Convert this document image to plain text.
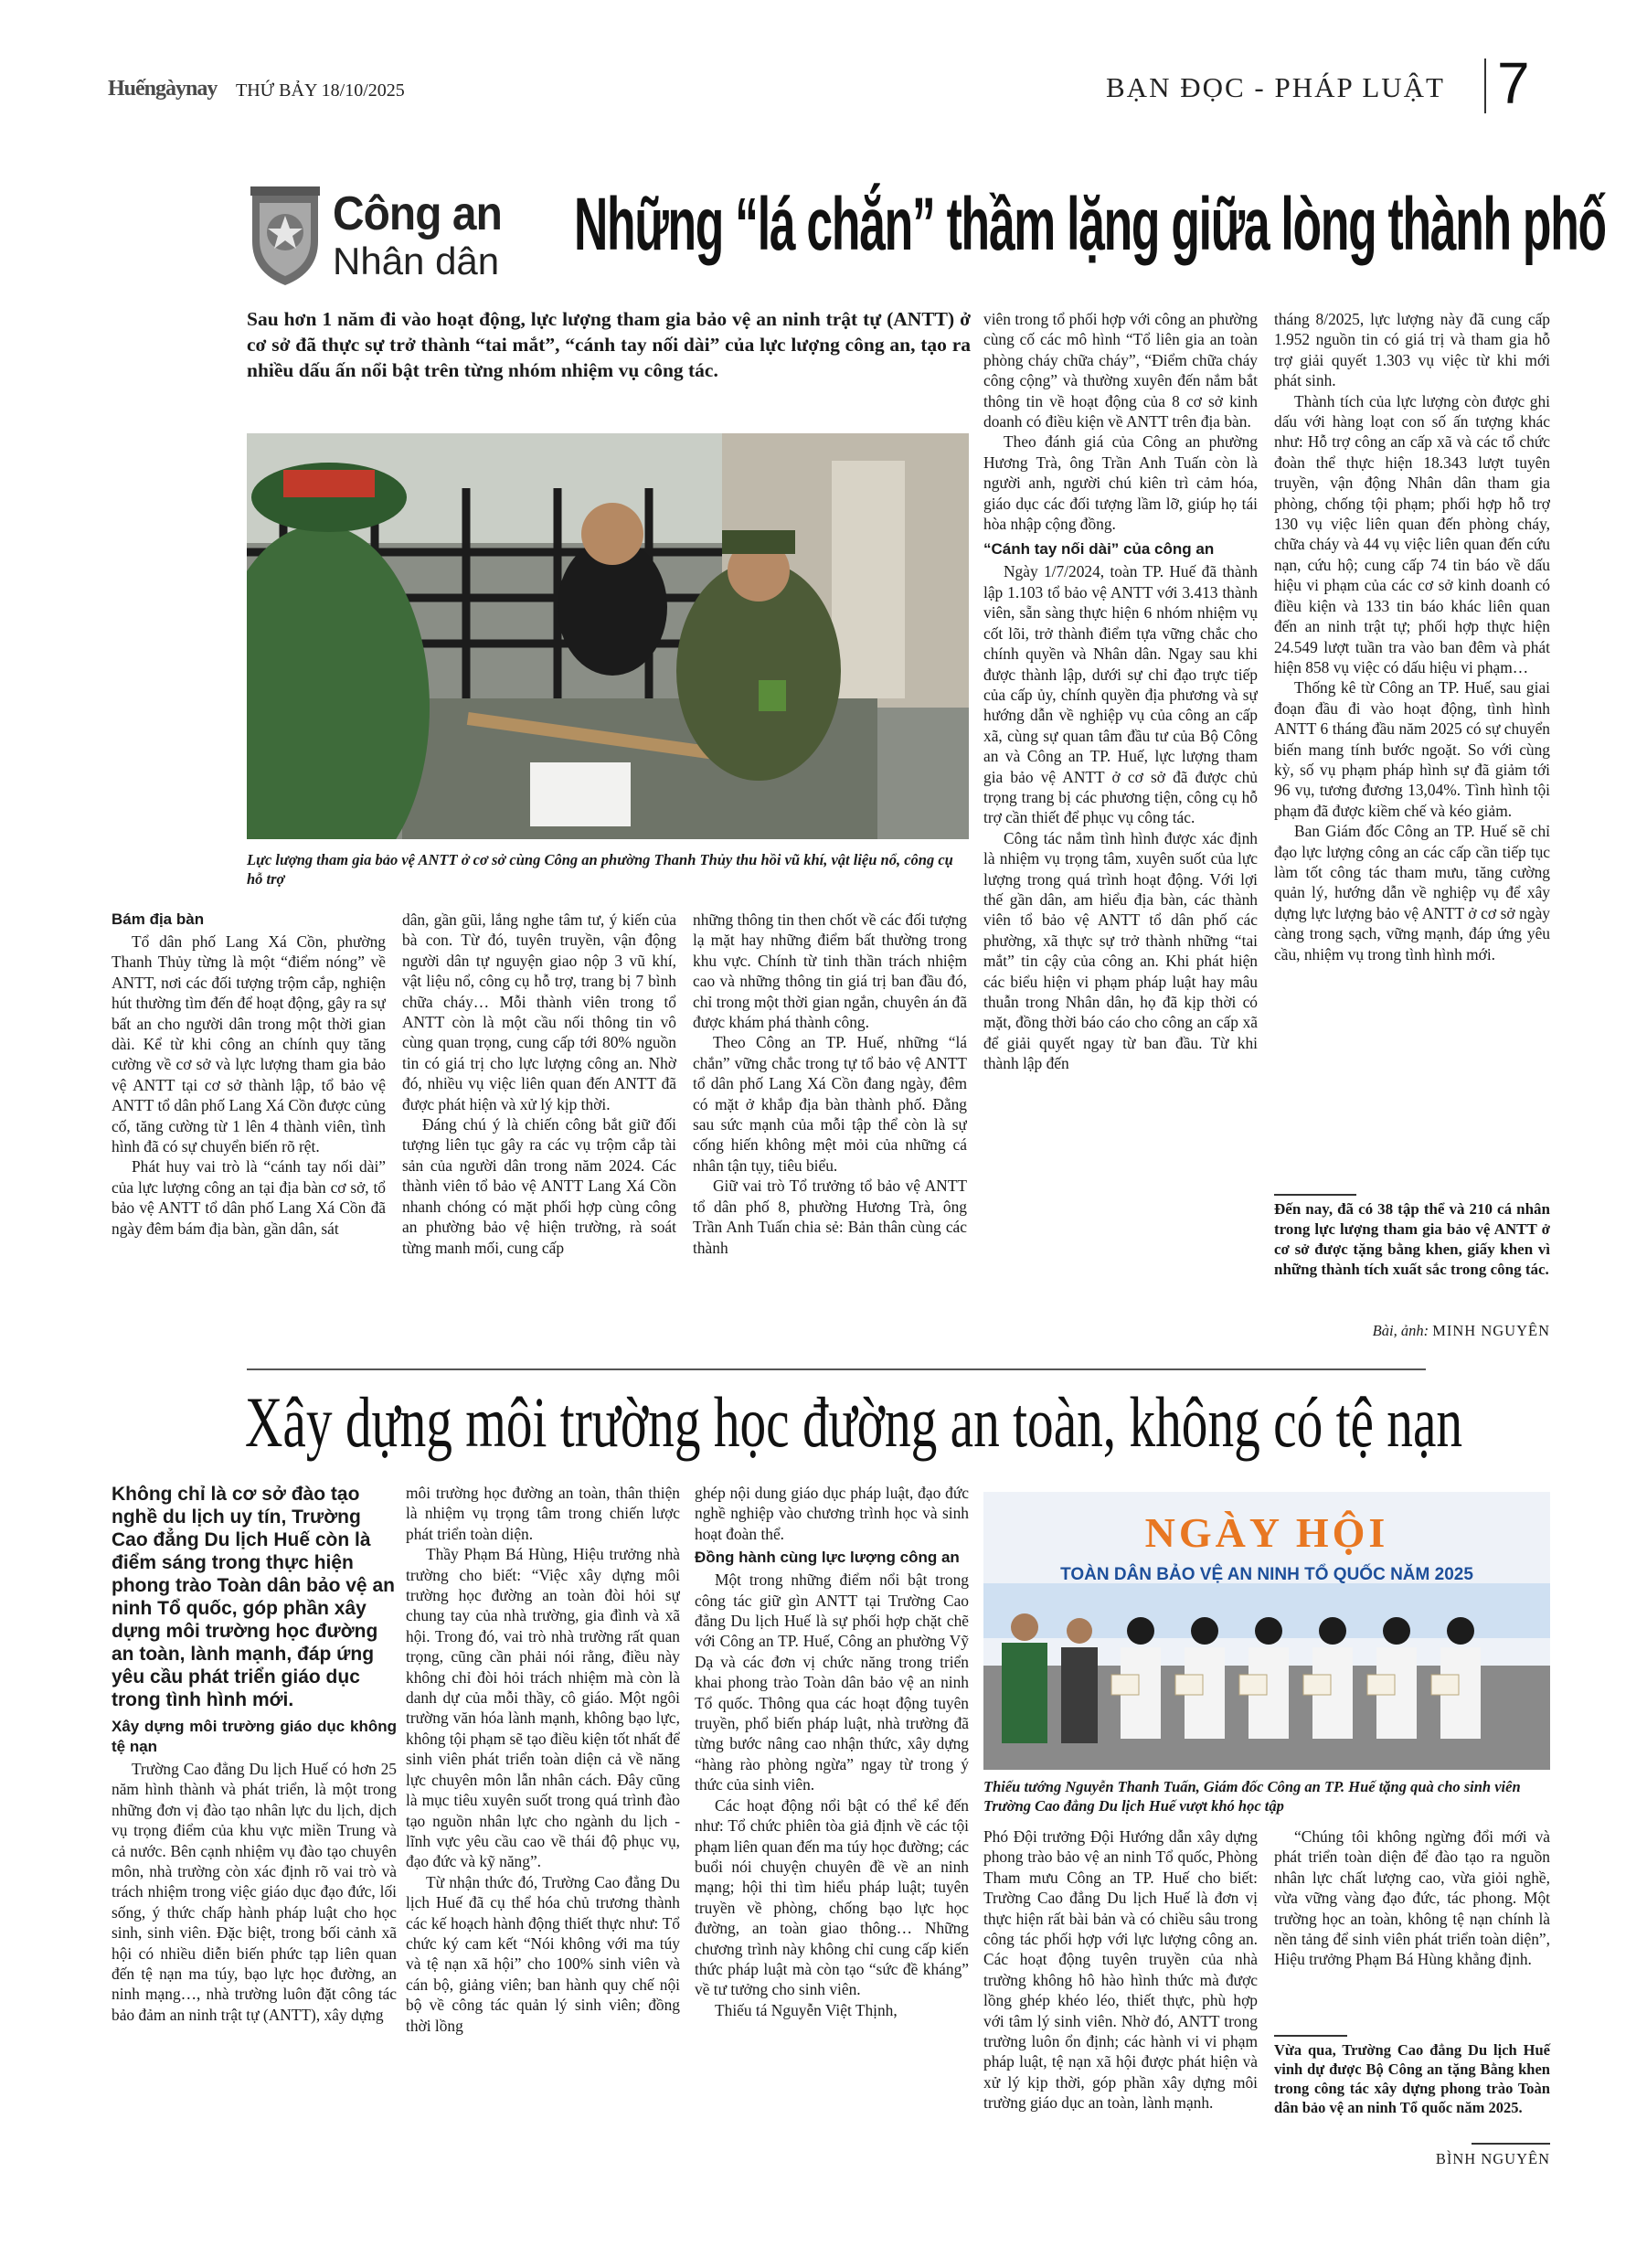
Huếngàynay THỨ BẢY 18/10/2025	BẠN ĐỌC - PHÁP LUẬT 7
Công an
Nhân dân Những “lá chắn” thầm lặng giữa lòng thành phố
Sau hơn 1 năm đi vào hoạt động, lực lượng tham gia bảo vệ an ninh trật tự (ANTT) ở cơ sở đã thực sự trở thành “tai mắt”, “cánh tay nối dài” của lực lượng công an, tạo ra nhiều dấu ấn nổi bật trên từng nhóm nhiệm vụ công tác.
Lực lượng tham gia bảo vệ ANTT ở cơ sở cùng Công an phường Thanh Thủy thu hồi vũ khí, vật liệu nổ, công cụ hỗ trợ
Bám địa bàn

Tổ dân phố Lang Xá Cồn, phường Thanh Thủy từng là một “điểm nóng” về ANTT, nơi các đối tượng trộm cắp, nghiện hút thường tìm đến để hoạt động, gây ra sự bất an cho người dân trong một thời gian dài. Kể từ khi công an chính quy tăng cường về cơ sở và lực lượng tham gia bảo vệ ANTT tại cơ sở thành lập, tổ bảo vệ ANTT tổ dân phố Lang Xá Cồn được củng cố, tăng cường từ 1 lên 4 thành viên, tình hình đã có sự chuyển biến rõ rệt.

Phát huy vai trò là “cánh tay nối dài” của lực lượng công an tại địa bàn cơ sở, tổ bảo vệ ANTT tổ dân phố Lang Xá Cồn đã ngày đêm bám địa bàn, gần dân, sát

dân, gần gũi, lắng nghe tâm tư, ý kiến của bà con. Từ đó, tuyên truyền, vận động người dân tự nguyện giao nộp 3 vũ khí, vật liệu nổ, công cụ hỗ trợ, trang bị 7 bình chữa cháy… Mỗi thành viên trong tổ ANTT còn là một cầu nối thông tin vô cùng quan trọng, cung cấp tới 80% nguồn tin có giá trị cho lực lượng công an. Nhờ đó, nhiều vụ việc liên quan đến ANTT đã được phát hiện và xử lý kịp thời.

Đáng chú ý là chiến công bắt giữ đối tượng liên tục gây ra các vụ trộm cắp tài sản của người dân trong năm 2024. Các thành viên tổ bảo vệ ANTT Lang Xá Cồn nhanh chóng có mặt phối hợp cùng công an phường bảo vệ hiện trường, rà soát từng manh mối, cung cấp

những thông tin then chốt về các đối tượng lạ mặt hay những điểm bất thường trong khu vực. Chính từ tinh thần trách nhiệm cao và những thông tin giá trị ban đầu đó, chỉ trong một thời gian ngắn, chuyên án đã được khám phá thành công.

Theo Công an TP. Huế, những “lá chắn” vững chắc trong tự tổ bảo vệ ANTT tổ dân phố Lang Xá Cồn đang ngày, đêm có mặt ở khắp địa bàn thành phố. Đằng sau sức mạnh của mỗi tập thể còn là sự cống hiến không mệt mỏi của những cá nhân tận tụy, tiêu biểu.

Giữ vai trò Tổ trưởng tổ bảo vệ ANTT tổ dân phố 8, phường Hương Trà, ông Trần Anh Tuấn chia sẻ: Bản thân cùng các thành

viên trong tổ phối hợp với công an phường cùng cố các mô hình “Tổ liên gia an toàn phòng cháy chữa cháy”, “Điểm chữa cháy công cộng” và thường xuyên đến nắm bắt thông tin về hoạt động của 8 cơ sở kinh doanh có điều kiện về ANTT trên địa bàn.

Theo đánh giá của Công an phường Hương Trà, ông Trần Anh Tuấn còn là người anh, người chú kiên trì cảm hóa, giáo dục các đối tượng lầm lỡ, giúp họ tái hòa nhập cộng đồng.

“Cánh tay nối dài” của công an

Ngày 1/7/2024, toàn TP. Huế đã thành lập 1.103 tổ bảo vệ ANTT với 3.413 thành viên, sẵn sàng thực hiện 6 nhóm nhiệm vụ cốt lõi, trở thành điểm tựa vững chắc cho chính quyền và Nhân dân. Ngay sau khi được thành lập, dưới sự chỉ đạo trực tiếp của cấp ủy, chính quyền địa phương và sự hướng dẫn về nghiệp vụ của công an cấp xã, cùng sự quan tâm đầu tư của Bộ Công an và Công an TP. Huế, lực lượng tham gia bảo vệ ANTT ở cơ sở đã được chủ trọng trang bị các phương tiện, công cụ hỗ trợ cần thiết để phục vụ công tác.

Công tác nắm tình hình được xác định là nhiệm vụ trọng tâm, xuyên suốt của lực lượng trong quá trình hoạt động. Với lợi thế gần dân, am hiểu địa bàn, các thành viên tổ bảo vệ ANTT tổ dân phố các phường, xã thực sự trở thành những “tai mắt” tin cậy của công an. Khi phát hiện các biểu hiện vi phạm pháp luật hay mâu thuẫn trong Nhân dân, họ đã kịp thời có mặt, đồng thời báo cáo cho công an cấp xã để giải quyết ngay từ ban đầu. Từ khi thành lập đến

tháng 8/2025, lực lượng này đã cung cấp 1.952 nguồn tin có giá trị và tham gia hỗ trợ giải quyết 1.303 vụ việc từ khi mới phát sinh.

Thành tích của lực lượng còn được ghi dấu với hàng loạt con số ấn tượng khác như: Hỗ trợ công an cấp xã và các tổ chức đoàn thể thực hiện 18.343 lượt tuyên truyền, vận động Nhân dân tham gia phòng, chống tội phạm; phối hợp hỗ trợ 130 vụ việc liên quan đến phòng cháy, chữa cháy và 44 vụ việc liên quan đến cứu nạn, cứu hộ; cung cấp 74 tin báo về dấu hiệu vi phạm của các cơ sở kinh doanh có điều kiện và 133 tin báo khác liên quan đến an ninh trật tự; phối hợp thực hiện 24.549 lượt tuần tra vào ban đêm và phát hiện 858 vụ việc có dấu hiệu vi phạm…

Thống kê từ Công an TP. Huế, sau giai đoạn đầu đi vào hoạt động, tình hình ANTT 6 tháng đầu năm 2025 có sự chuyển biến mang tính bước ngoặt. So với cùng kỳ, số vụ phạm pháp hình sự đã giảm tới 96 vụ, tương đương 13,04%. Tình hình tội phạm đã được kiềm chế và kéo giảm.

Ban Giám đốc Công an TP. Huế sẽ chỉ đạo lực lượng công an các cấp cần tiếp tục làm tốt công tác tham mưu, tăng cường quản lý, hướng dẫn về nghiệp vụ để xây dựng lực lượng bảo vệ ANTT ở cơ sở ngày càng trong sạch, vững mạnh, đáp ứng yêu cầu, nhiệm vụ trong tình hình mới.

Đến nay, đã có 38 tập thể và 210 cá nhân trong lực lượng tham gia bảo vệ ANTT ở cơ sở được tặng bằng khen, giấy khen vì những thành tích xuất sắc trong công tác.
Bài, ảnh: MINH NGUYÊN
Xây dựng môi trường học đường an toàn, không có tệ nạn
Không chỉ là cơ sở đào tạo nghề du lịch uy tín, Trường Cao đẳng Du lịch Huế còn là điểm sáng trong thực hiện phong trào Toàn dân bảo vệ an ninh Tổ quốc, góp phần xây dựng môi trường học đường an toàn, lành mạnh, đáp ứng yêu cầu phát triển giáo dục trong tình hình mới.
Xây dựng môi trường giáo dục không tệ nạn

Trường Cao đẳng Du lịch Huế có hơn 25 năm hình thành và phát triển, là một trong những đơn vị đào tạo nhân lực du lịch, dịch vụ trọng điểm của khu vực miền Trung và cả nước. Bên cạnh nhiệm vụ đào tạo chuyên môn, nhà trường còn xác định rõ vai trò và trách nhiệm trong việc giáo dục đạo đức, lối sống, ý thức chấp hành pháp luật cho học sinh, sinh viên. Đặc biệt, trong bối cảnh xã hội có nhiều diễn biến phức tạp liên quan đến tệ nạn ma túy, bạo lực học đường, an ninh mạng…, nhà trường luôn đặt công tác bảo đảm an ninh trật tự (ANTT), xây dựng

môi trường học đường an toàn, thân thiện là nhiệm vụ trọng tâm trong chiến lược phát triển toàn diện.

Thầy Phạm Bá Hùng, Hiệu trưởng nhà trường cho biết: “Việc xây dựng môi trường học đường an toàn đòi hỏi sự chung tay của nhà trường, gia đình và xã hội. Trong đó, vai trò nhà trường rất quan trọng, cũng cần phải nói rằng, điều này không chỉ đòi hỏi trách nhiệm mà còn là danh dự của mỗi thầy, cô giáo. Một ngôi trường văn hóa lành mạnh, không bạo lực, không tội phạm sẽ tạo điều kiện tốt nhất để sinh viên phát triển toàn diện cả về năng lực chuyên môn lẫn nhân cách. Đây cũng là mục tiêu xuyên suốt trong quá trình đào tạo nguồn nhân lực cho ngành du lịch - lĩnh vực yêu cầu cao về thái độ phục vụ, đạo đức và kỹ năng”.

Từ nhận thức đó, Trường Cao đẳng Du lịch Huế đã cụ thể hóa chủ trương thành các kế hoạch hành động thiết thực như: Tổ chức ký cam kết “Nói không với ma túy và tệ nạn xã hội” cho 100% sinh viên và cán bộ, giảng viên; ban hành quy chế nội bộ về công tác quản lý sinh viên; đồng thời lồng

ghép nội dung giáo dục pháp luật, đạo đức nghề nghiệp vào chương trình học và sinh hoạt đoàn thể.

Đồng hành cùng lực lượng công an

Một trong những điểm nổi bật trong công tác giữ gìn ANTT tại Trường Cao đẳng Du lịch Huế là sự phối hợp chặt chẽ với Công an TP. Huế, Công an phường Vỹ Dạ và các đơn vị chức năng trong triển khai phong trào Toàn dân bảo vệ an ninh Tổ quốc. Thông qua các hoạt động tuyên truyền, phổ biến pháp luật, nhà trường đã từng bước nâng cao nhận thức, xây dựng “hàng rào phòng ngừa” ngay từ trong ý thức của sinh viên.

Các hoạt động nổi bật có thể kể đến như: Tổ chức phiên tòa giả định về các tội phạm liên quan đến ma túy học đường; các buổi nói chuyện chuyên đề về an ninh mạng; hội thi tìm hiểu pháp luật; tuyên truyền về phòng, chống bạo lực học đường, an toàn giao thông… Những chương trình này không chỉ cung cấp kiến thức pháp luật mà còn tạo “sức đề kháng” về tư tưởng cho sinh viên.

Thiếu tá Nguyễn Việt Thịnh,

NGÀY HỘI
TOÀN DÂN BẢO VỆ AN NINH TỔ QUỐC NĂM 2025
Thiếu tướng Nguyễn Thanh Tuấn, Giám đốc Công an TP. Huế tặng quà cho sinh viên Trường Cao đẳng Du lịch Huế vượt khó học tập

Phó Đội trưởng Đội Hướng dẫn xây dựng phong trào bảo vệ an ninh Tổ quốc, Phòng Tham mưu Công an TP. Huế cho biết: Trường Cao đẳng Du lịch Huế là đơn vị thực hiện rất bài bản và có chiều sâu trong công tác phối hợp với lực lượng công an. Các hoạt động tuyên truyền của nhà trường không hô hào hình thức mà được lồng ghép khéo léo, thiết thực, phù hợp với tâm lý sinh viên. Nhờ đó, ANTT trong trường luôn ổn định; các hành vi vi phạm pháp luật, tệ nạn xã hội được phát hiện và xử lý kịp thời, góp phần xây dựng môi trường giáo dục an toàn, lành mạnh.

“Chúng tôi không ngừng đổi mới và phát triển toàn diện để đào tạo ra nguồn nhân lực chất lượng cao, vừa giỏi nghề, vừa vững vàng đạo đức, tác phong. Một trường học an toàn, không tệ nạn chính là nền tảng để sinh viên phát triển toàn diện”, Hiệu trưởng Phạm Bá Hùng khẳng định.

Vừa qua, Trường Cao đẳng Du lịch Huế vinh dự được Bộ Công an tặng Bằng khen trong công tác xây dựng phong trào Toàn dân bảo vệ an ninh Tổ quốc năm 2025.
BÌNH NGUYÊN
